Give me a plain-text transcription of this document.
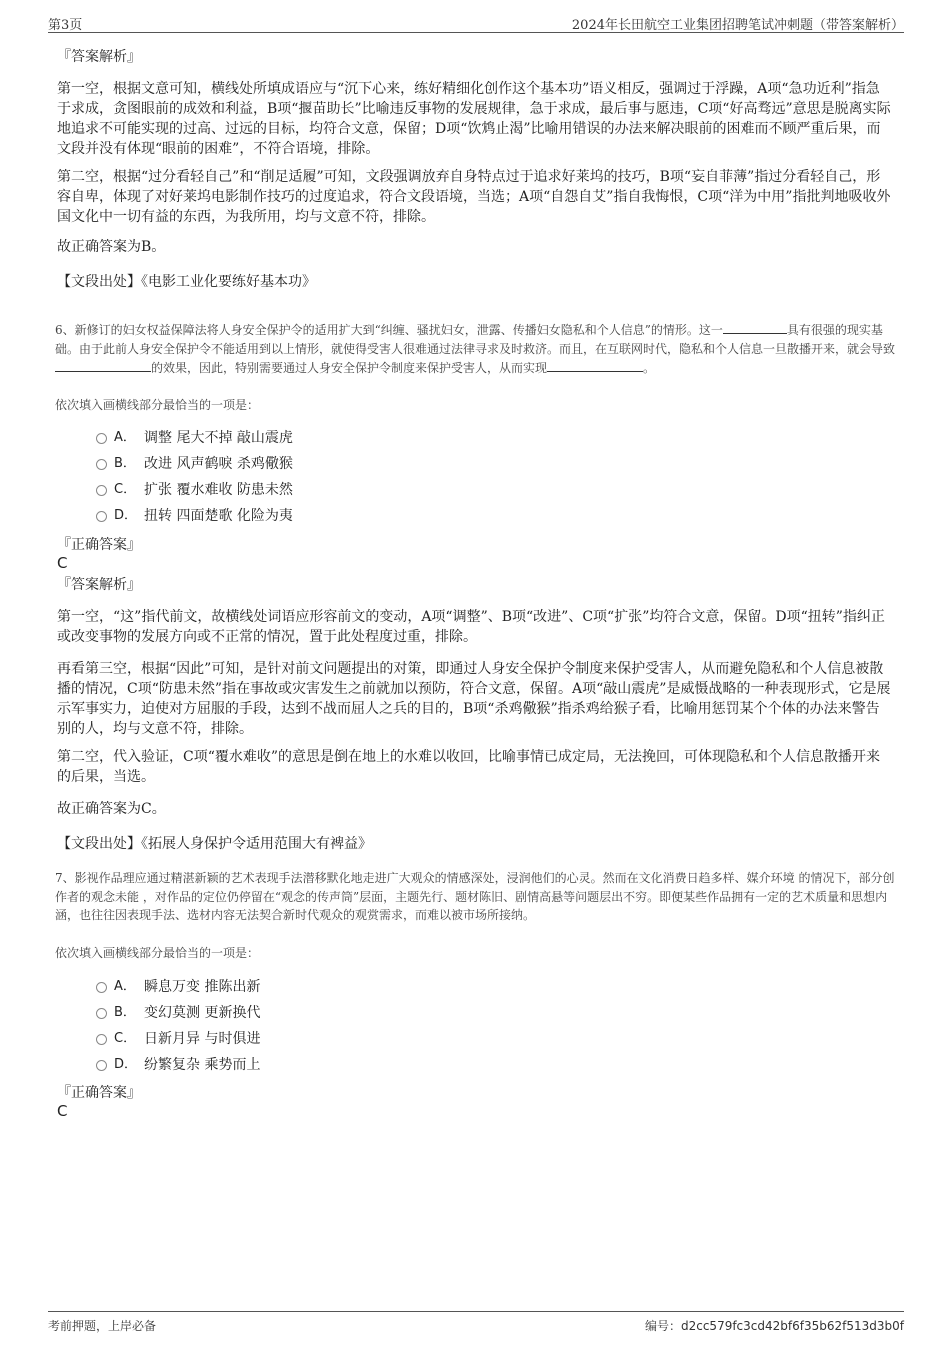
第3页	2024年长田航空工业集团招聘笔试冲刺题（带答案解析）
『答案解析』

第一空，根据文意可知，横线处所填成语应与“沉下心来，练好精细化创作这个基本功”语义相反，强调过于浮躁，A项“急功近利”指急于求成，贪图眼前的成效和利益，B项“揠苗助长”比喻违反事物的发展规律，急于求成，最后事与愿违，C项“好高骛远”意思是脱离实际地追求不可能实现的过高、过远的目标，均符合文意，保留；D项“饮鸩止渴”比喻用错误的办法来解决眼前的困难而不顾严重后果，而文段并没有体现“眼前的困难”，不符合语境，排除。

第二空，根据“过分看轻自己”和“削足适履”可知，文段强调放弃自身特点过于追求好莱坞的技巧，B项“妄自菲薄”指过分看轻自己，形容自卑，体现了对好莱坞电影制作技巧的过度追求，符合文段语境，当选；A项“自怨自艾”指自我悔恨，C项“洋为中用”指批判地吸收外国文化中一切有益的东西，为我所用，均与文意不符，排除。

故正确答案为B。

【文段出处】《电影工业化要练好基本功》

6、新修订的妇女权益保障法将人身安全保护令的适用扩大到“纠缠、骚扰妇女，泄露、传播妇女隐私和个人信息”的情形。这一	具有很强的现实基础。由于此前人身安全保护令不能适用到以上情形，就使得受害人很难通过法律寻求及时救济。而且，在互联网时代，隐私和个人信息一旦散播开来，就会导致的效果，因此，特别需要通过人身安全保护令制度来保护受害人，从而实现	。

依次填入画横线部分最恰当的一项是：

A． 调整 尾大不掉 敲山震虎
B． 改进 风声鹤唳 杀鸡儆猴
C． 扩张 覆水难收 防患未然
D． 扭转 四面楚歌 化险为夷
『正确答案』
C
『答案解析』

第一空，“这”指代前文，故横线处词语应形容前文的变动，A项“调整”、B项“改进”、C项“扩张”均符合文意，保留。D项“扭转”指纠正或改变事物的发展方向或不正常的情况，置于此处程度过重，排除。

再看第三空，根据“因此”可知，是针对前文问题提出的对策，即通过人身安全保护令制度来保护受害人，从而避免隐私和个人信息被散播的情况，C项“防患未然”指在事故或灾害发生之前就加以预防，符合文意，保留。A项“敲山震虎”是威慑战略的一种表现形式，它是展示军事实力，迫使对方屈服的手段，达到不战而屈人之兵的目的，B项“杀鸡儆猴”指杀鸡给猴子看，比喻用惩罚某个个体的办法来警告别的人，均与文意不符，排除。

第二空，代入验证，C项“覆水难收”的意思是倒在地上的水难以收回，比喻事情已成定局，无法挽回，可体现隐私和个人信息散播开来的后果，当选。

故正确答案为C。

【文段出处】《拓展人身保护令适用范围大有裨益》

7、影视作品理应通过精湛新颖的艺术表现手法潜移默化地走进广大观众的情感深处，浸润他们的心灵。然而在文化消费日趋多样、媒介环境 的情况下，部分创作者的观念未能 ，对作品的定位仍停留在“观念的传声筒”层面，主题先行、题材陈旧、剧情高悬等问题层出不穷。即便某些作品拥有一定的艺术质量和思想内涵，也往往因表现手法、选材内容无法契合新时代观众的观赏需求，而难以被市场所接纳。

依次填入画横线部分最恰当的一项是：

A． 瞬息万变 推陈出新
B． 变幻莫测 更新换代
C． 日新月异 与时俱进
D． 纷繁复杂 乘势而上
『正确答案』
C
考前押题，上岸必备	编号：d2cc579fc3cd42bf6f35b62f513d3b0f
